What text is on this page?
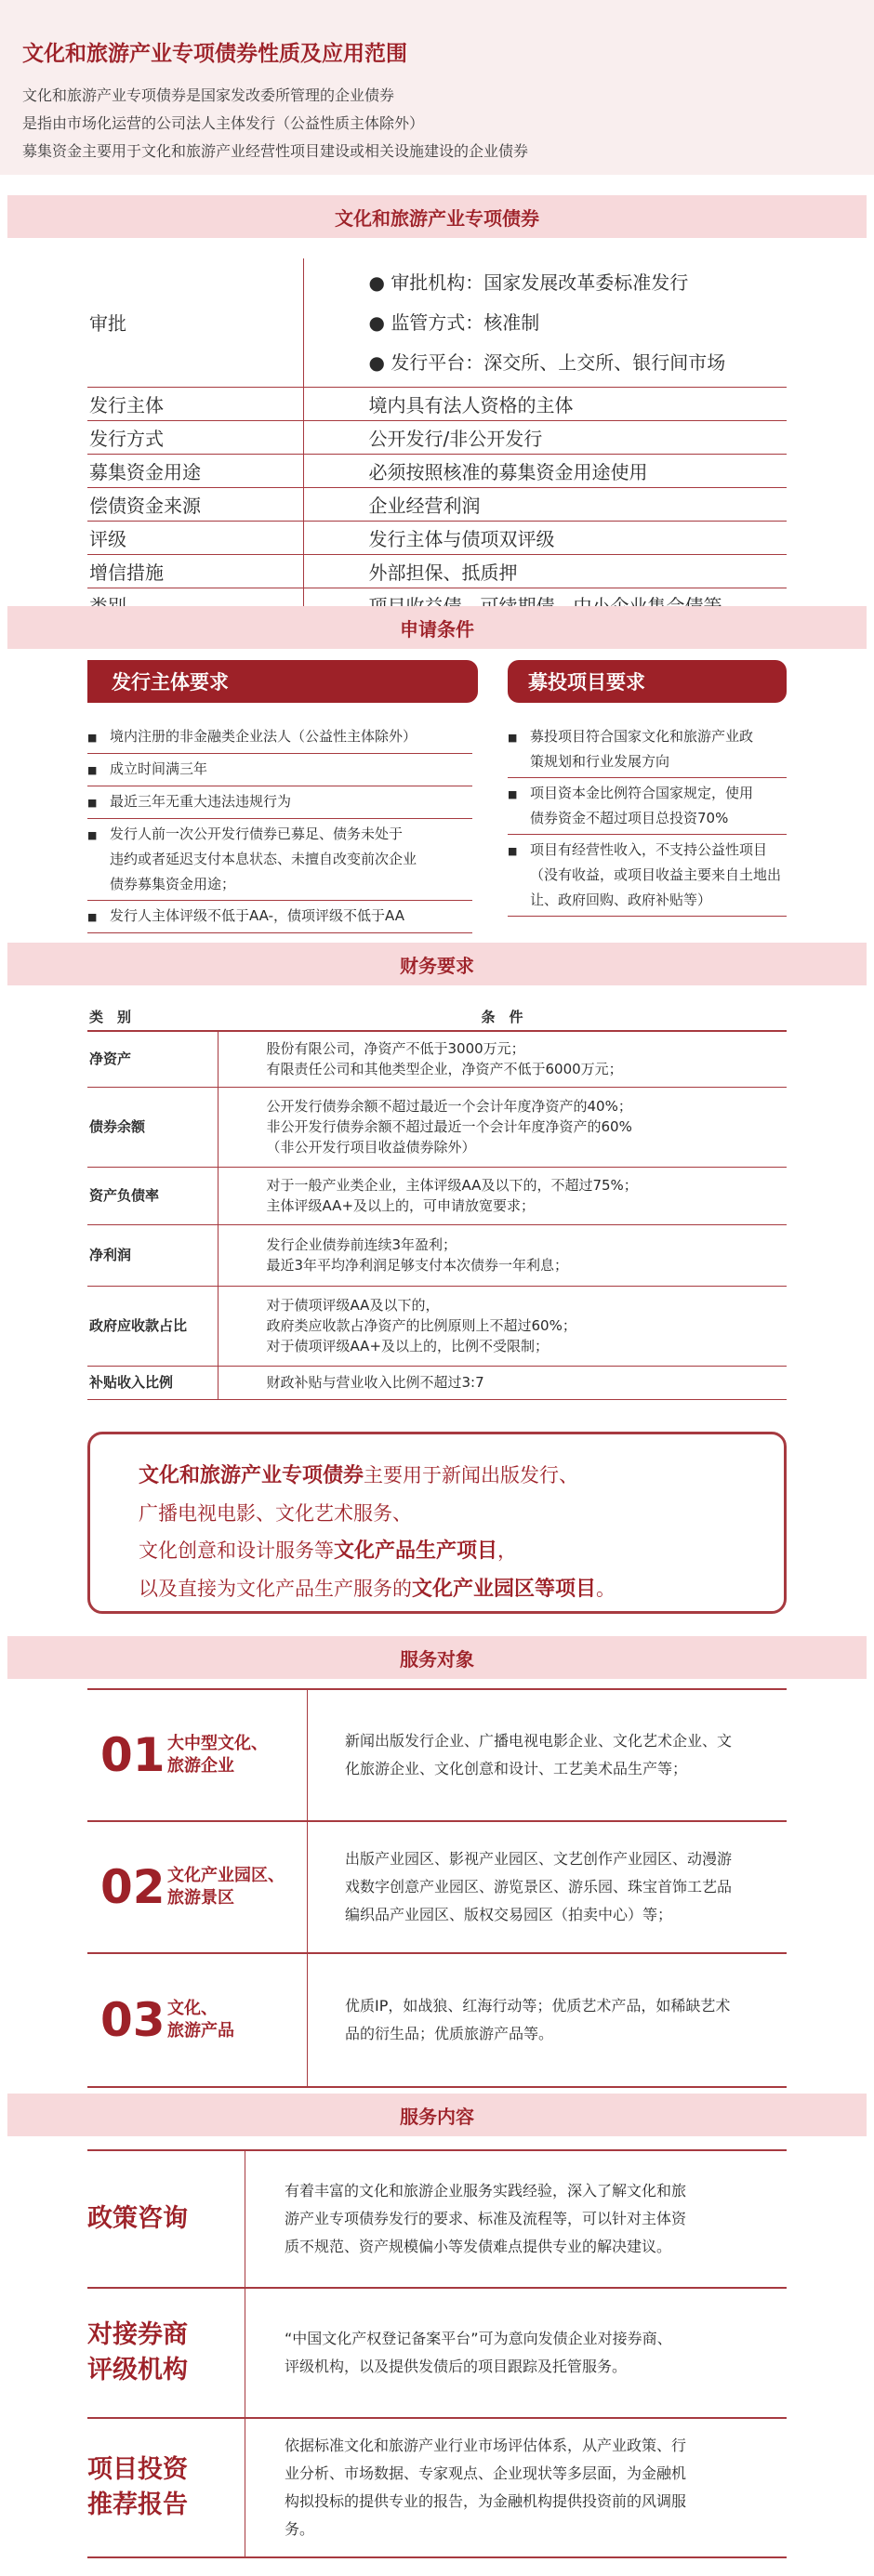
文化和旅游产业专项债券性质及应用范围
文化和旅游产业专项债券是国家发改委所管理的企业债券
是指由市场化运营的公司法人主体发行（公益性质主体除外）
募集资金主要用于文化和旅游产业经营性项目建设或相关设施建设的企业债券
文化和旅游产业专项债券
审批	● 审批机构：国家发展改革委标准发行
● 监管方式：核准制
● 发行平台：深交所、上交所、银行间市场

发行主体	境内具有法人资格的主体
发行方式	公开发行/非公开发行
募集资金用途	必须按照核准的募集资金用途使用
偿债资金来源	企业经营利润
评级	发行主体与债项双评级
增信措施	外部担保、抵质押

申请条件
发行主体要求	募投项目要求
■ 境内注册的非金融类企业法人（公益性主体除外）
■ 成立时间满三年
■ 最近三年无重大违法违规行为
■ 发行人前一次公开发行债券已募足、债务未处于
违约或者延迟支付本息状态、未擅自改变前次企业
债券募集资金用途；
■ 发行人主体评级不低于AA-，债项评级不低于AA
■ 募投项目符合国家文化和旅游产业政
策规划和行业发展方向
■ 项目资本金比例符合国家规定，使用
债券资金不超过项目总投资70%
■ 项目有经营性收入，不支持公益性项目
（没有收益，或项目收益主要来自土地出
让、政府回购、政府补贴等）
财务要求
类　别	条　件
净资产	股份有限公司，净资产不低于3000万元；
有限责任公司和其他类型企业，净资产不低于6000万元；
债券余额	公开发行债券余额不超过最近一个会计年度净资产的40%；
非公开发行债券余额不超过最近一个会计年度净资产的60%
（非公开发行项目收益债券除外）
资产负债率	对于一般产业类企业，主体评级AA及以下的，不超过75%；
主体评级AA+及以上的，可申请放宽要求；
净利润	发行企业债券前连续3年盈利；
最近3年平均净利润足够支付本次债券一年利息；
政府应收款占比	对于债项评级AA及以下的，
政府类应收款占净资产的比例原则上不超过60%；
对于债项评级AA+及以上的，比例不受限制；
补贴收入比例	财政补贴与营业收入比例不超过3:7
文化和旅游产业专项债券主要用于新闻出版发行、
广播电视电影、文化艺术服务、
文化创意和设计服务等文化产品生产项目，
以及直接为文化产品生产服务的文化产业园区等项目。
服务对象
01 大中型文化、
旅游企业
新闻出版发行企业、广播电视电影企业、文化艺术企业、文
化旅游企业、文化创意和设计、工艺美术品生产等；
02 文化产业园区、
旅游景区
出版产业园区、影视产业园区、文艺创作产业园区、动漫游
戏数字创意产业园区、游览景区、游乐园、珠宝首饰工艺品
编织品产业园区、版权交易园区（拍卖中心）等；
03 文化、
旅游产品
优质IP，如战狼、红海行动等；优质艺术产品，如稀缺艺术
品的衍生品；优质旅游产品等。
服务内容
政策咨询
有着丰富的文化和旅游企业服务实践经验，深入了解文化和旅
游产业专项债券发行的要求、标准及流程等，可以针对主体资
质不规范、资产规模偏小等发债难点提供专业的解决建议。
对接券商
评级机构
“中国文化产权登记备案平台”可为意向发债企业对接券商、
评级机构，以及提供发债后的项目跟踪及托管服务。
项目投资
推荐报告
依据标准文化和旅游产业行业市场评估体系，从产业政策、行
业分析、市场数据、专家观点、企业现状等多层面，为金融机
构拟投标的提供专业的报告，为金融机构提供投资前的风调服
务。
